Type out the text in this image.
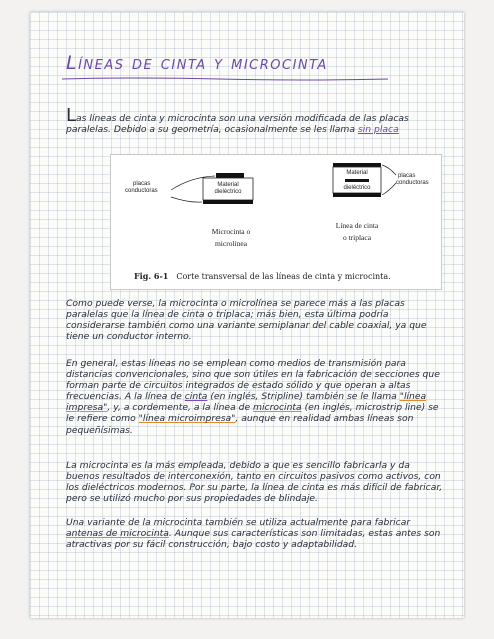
Líneas de cinta y microcinta

Las líneas de cinta y microcinta son una versión modificada de las placas paralelas. Debido a su geometría, ocasionalmente se les llama sin placa

placas
conductoras
Material
dieléctrico
Microcinta o
microlínea
Material
dieléctrico
placas
conductoras
Línea de cinta
o triplaca
Fig. 6-1 Corte transversal de las líneas de cinta y microcinta.

Como puede verse, la microcinta o microlínea se parece más a las placas paralelas que la línea de cinta o triplaca; más bien, esta última podría considerarse también como una variante semiplanar del cable coaxial, ya que tiene un conductor interno.

En general, estas líneas no se emplean como medios de transmisión para distancias convencionales, sino que son útiles en la fabricación de secciones que forman parte de circuitos integrados de estado sólido y que operan a altas frecuencias. A la línea de cinta (en inglés, Stripline) también se le llama "línea impresa", y, a cordemente, a la línea de microcinta (en inglés, microstrip line) se le refiere como "línea microimpresa", aunque en realidad ambas líneas son pequeñísimas.

La microcinta es la más empleada, debido a que es sencillo fabricarla y da buenos resultados de interconexión, tanto en circuitos pasivos como activos, con los dieléctricos modernos. Por su parte, la línea de cinta es más difícil de fabricar, pero se utilizó mucho por sus propiedades de blindaje.

Una variante de la microcinta también se utiliza actualmente para fabricar antenas de microcinta. Aunque sus características son limitadas, estas antes son atractivas por su fácil construcción, bajo costo y adaptabilidad.
